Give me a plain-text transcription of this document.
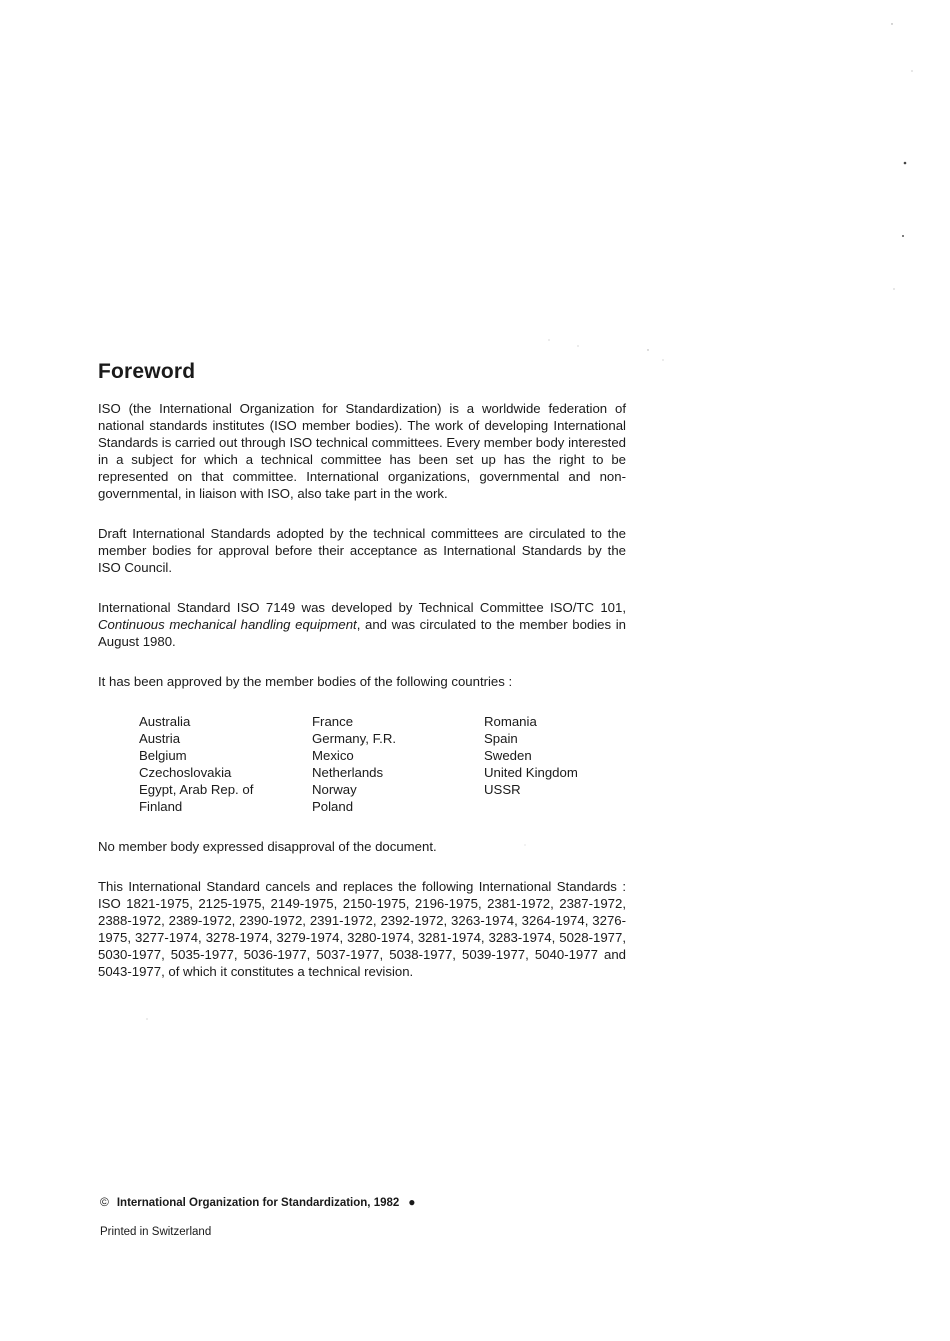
Foreword

ISO (the International Organization for Standardization) is a worldwide federation of national standards institutes (ISO member bodies). The work of developing International Standards is carried out through ISO technical committees. Every member body interested in a subject for which a technical committee has been set up has the right to be represented on that committee. International organizations, governmental and non-governmental, in liaison with ISO, also take part in the work.

Draft International Standards adopted by the technical committees are circulated to the member bodies for approval before their acceptance as International Standards by the ISO Council.

International Standard ISO 7149 was developed by Technical Committee ISO/TC 101, Continuous mechanical handling equipment, and was circulated to the member bodies in August 1980.

It has been approved by the member bodies of the following countries :

Australia
Austria
Belgium
Czechoslovakia
Egypt, Arab Rep. of
Finland
France
Germany, F.R.
Mexico
Netherlands
Norway
Poland
Romania
Spain
Sweden
United Kingdom
USSR

No member body expressed disapproval of the document.

This International Standard cancels and replaces the following International Standards : ISO 1821-1975, 2125-1975, 2149-1975, 2150-1975, 2196-1975, 2381-1972, 2387-1972, 2388-1972, 2389-1972, 2390-1972, 2391-1972, 2392-1972, 3263-1974, 3264-1974, 3276-1975, 3277-1974, 3278-1974, 3279-1974, 3280-1974, 3281-1974, 3283-1974, 5028-1977, 5030-1977, 5035-1977, 5036-1977, 5037-1977, 5038-1977, 5039-1977, 5040-1977 and 5043-1977, of which it constitutes a technical revision.

© International Organization for Standardization, 1982 ●
Printed in Switzerland
